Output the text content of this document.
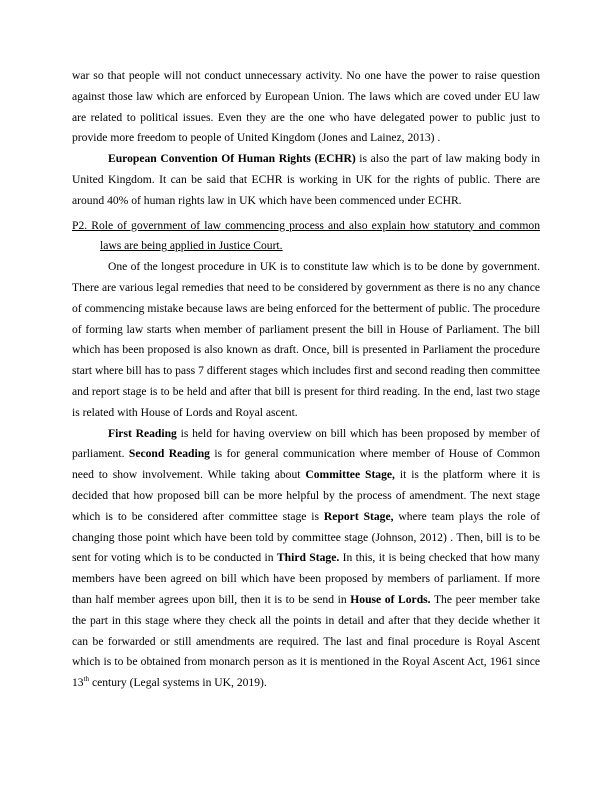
war so that people will not conduct unnecessary activity. No one have the power to raise question against those law which are enforced by European Union. The laws which are coved under EU law are related to political issues. Even they are the one who have delegated power to public just to provide more freedom to people of United Kingdom (Jones and Lainez, 2013) .

European Convention Of Human Rights (ECHR) is also the part of law making body in United Kingdom. It can be said that ECHR is working in UK for the rights of public. There are around 40% of human rights law in UK which have been commenced under ECHR.

P2. Role of government of law commencing process and also explain how statutory and common laws are being applied in Justice Court.

One of the longest procedure in UK is to constitute law which is to be done by government. There are various legal remedies that need to be considered by government as there is no any chance of commencing mistake because laws are being enforced for the betterment of public. The procedure of forming law starts when member of parliament present the bill in House of Parliament. The bill which has been proposed is also known as draft. Once, bill is presented in Parliament the procedure start where bill has to pass 7 different stages which includes first and second reading then committee and report stage is to be held and after that bill is present for third reading. In the end, last two stage is related with House of Lords and Royal ascent.

First Reading is held for having overview on bill which has been proposed by member of parliament. Second Reading is for general communication where member of House of Common need to show involvement. While taking about Committee Stage, it is the platform where it is decided that how proposed bill can be more helpful by the process of amendment. The next stage which is to be considered after committee stage is Report Stage, where team plays the role of changing those point which have been told by committee stage (Johnson, 2012) . Then, bill is to be sent for voting which is to be conducted in Third Stage. In this, it is being checked that how many members have been agreed on bill which have been proposed by members of parliament. If more than half member agrees upon bill, then it is to be send in House of Lords. The peer member take the part in this stage where they check all the points in detail and after that they decide whether it can be forwarded or still amendments are required. The last and final procedure is Royal Ascent which is to be obtained from monarch person as it is mentioned in the Royal Ascent Act, 1961 since 13th century (Legal systems in UK, 2019).
